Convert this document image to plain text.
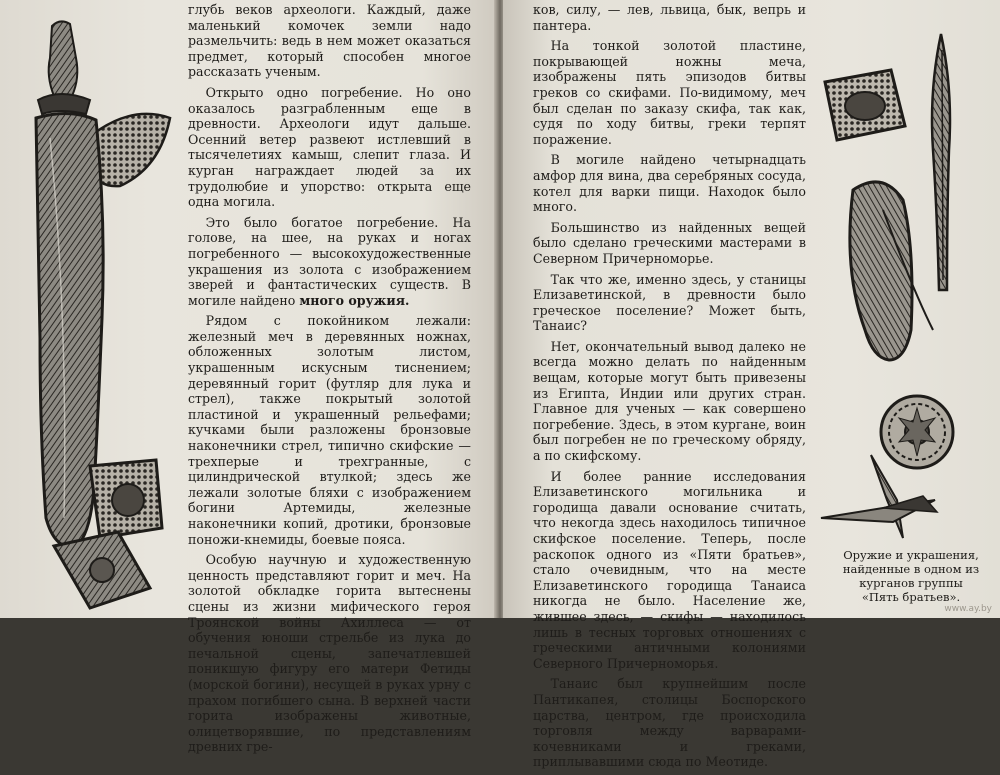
глубь веков археологи. Каждый, даже маленький комочек земли надо размельчить: ведь в нем может оказаться предмет, который способен многое рассказать ученым.

Открыто одно погребение. Но оно оказалось разграбленным еще в древности. Археологи идут дальше. Осенний ветер развеют истлевший в тысячелетиях камыш, слепит глаза. И курган награждает людей за их трудолюбие и упорство: открыта еще одна могила.

Это было богатое погребение. На голове, на шее, на руках и ногах погребенного — высокохудожественные украшения из золота с изображением зверей и фантастических существ. В могиле найдено много оружия.

Рядом с покойником лежали: железный меч в деревянных ножнах, обложенных золотым листом, украшенным искусным тиснением; деревянный горит (футляр для лука и стрел), также покрытый золотой пластиной и украшенный рельефами; кучками были разложены бронзовые наконечники стрел, типично скифские — трехперые и трехгранные, с цилиндрической втулкой; здесь же лежали золотые бляхи с изображением богини Артемиды, железные наконечники копий, дротики, бронзовые поножи-кнемиды, боевые пояса.

Особую научную и художественную ценность представляют горит и меч. На золотой обкладке горита вытеснены сцены из жизни мифического героя Троянской войны Ахиллеса — от обучения юноши стрельбе из лука до печальной сцены, запечатлевшей поникшую фигуру его матери Фетиды (морской богини), несущей в руках урну с прахом погибшего сына. В верхней части горита изображены животные, олицетворявшие, по представлениям древних гре-

ков, силу, — лев, львица, бык, вепрь и пантера.

На тонкой золотой пластине, покрывающей ножны меча, изображены пять эпизодов битвы греков со скифами. По-видимому, меч был сделан по заказу скифа, так как, судя по ходу битвы, греки терпят поражение.

В могиле найдено четырнадцать амфор для вина, два серебряных сосуда, котел для варки пищи. Находок было много.

Большинство из найденных вещей было сделано греческими мастерами в Северном Причерноморье.

Так что же, именно здесь, у станицы Елизаветинской, в древности было греческое поселение? Может быть, Танаис?

Нет, окончательный вывод далеко не всегда можно делать по найденным вещам, которые могут быть привезены из Египта, Индии или других стран. Главное для ученых — как совершено погребение. Здесь, в этом кургане, воин был погребен не по греческому обряду, а по скифскому.

И более ранние исследования Елизаветинского могильника и городища давали основание считать, что некогда здесь находилось типичное скифское поселение. Теперь, после раскопок одного из «Пяти братьев», стало очевидным, что на месте Елизаветинского городища Танаиса никогда не было. Население же, жившее здесь, — скифы — находилось лишь в тесных торговых отношениях с греческими античными колониями Северного Причерноморья.

Танаис был крупнейшим после Пантикапея, столицы Боспорского царства, центром, где происходила торговля между варварами-кочевниками и греками, приплывавшими сюда по Меотиде.

Оружие и украшения,
найденные в одном из
курганов группы
«Пять братьев».
www.ay.by
